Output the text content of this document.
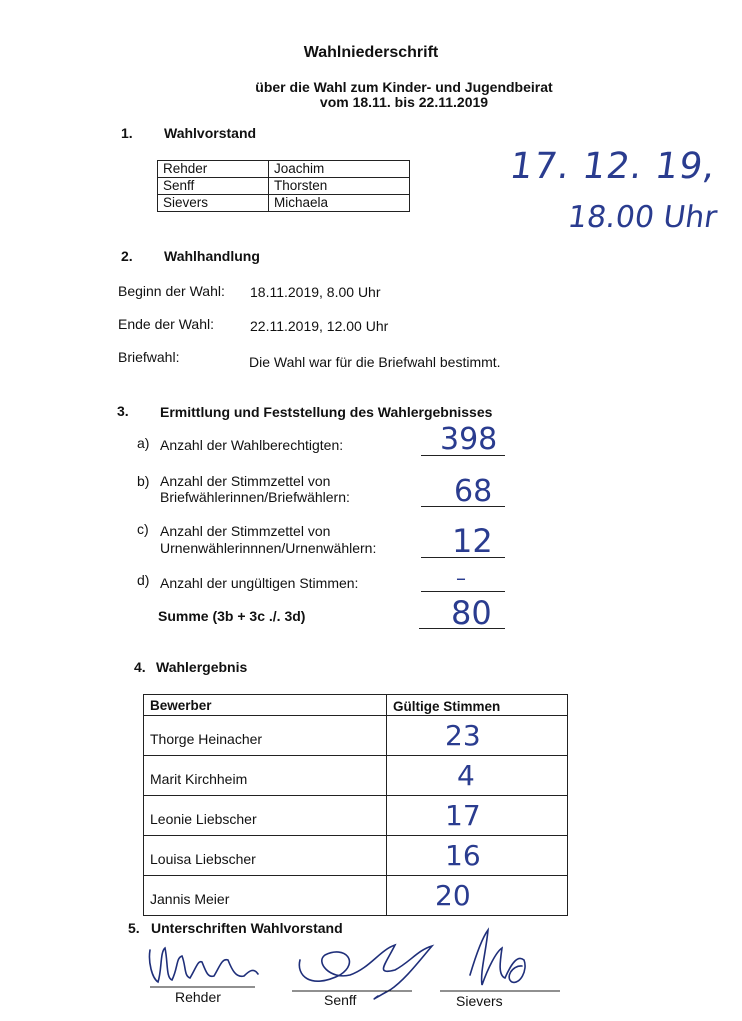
Wahlniederschrift
über die Wahl zum Kinder- und Jugendbeirat
vom 18.11. bis 22.11.2019
17. 12. 19,
18.00 Uhr
1. Wahlvorstand
Rehder	Joachim
Senff	Thorsten
Sievers	Michaela
2. Wahlhandlung
Beginn der Wahl: 18.11.2019, 8.00 Uhr
Ende der Wahl:	22.11.2019, 12.00 Uhr
Briefwahl:	Die Wahl war für die Briefwahl bestimmt.
3. Ermittlung und Feststellung des Wahlergebnisses
a) Anzahl der Wahlberechtigten:	398
b) Anzahl der Stimmzettel von
Briefwählerinnen/Briefwählern:	68
c) Anzahl der Stimmzettel von
Urnenwählerinnnen/Urnenwählern: 12
d) Anzahl der ungültigen Stimmen:	–
Summe (3b + 3c ./. 3d)	80
4. Wahlergebnis
Bewerber	Gültige Stimmen
Thorge Heinacher	23
Marit Kirchheim	4
Leonie Liebscher	17
Louisa Liebscher	16
Jannis Meier	20
5. Unterschriften Wahlvorstand
Rehder	Senff	Sievers
